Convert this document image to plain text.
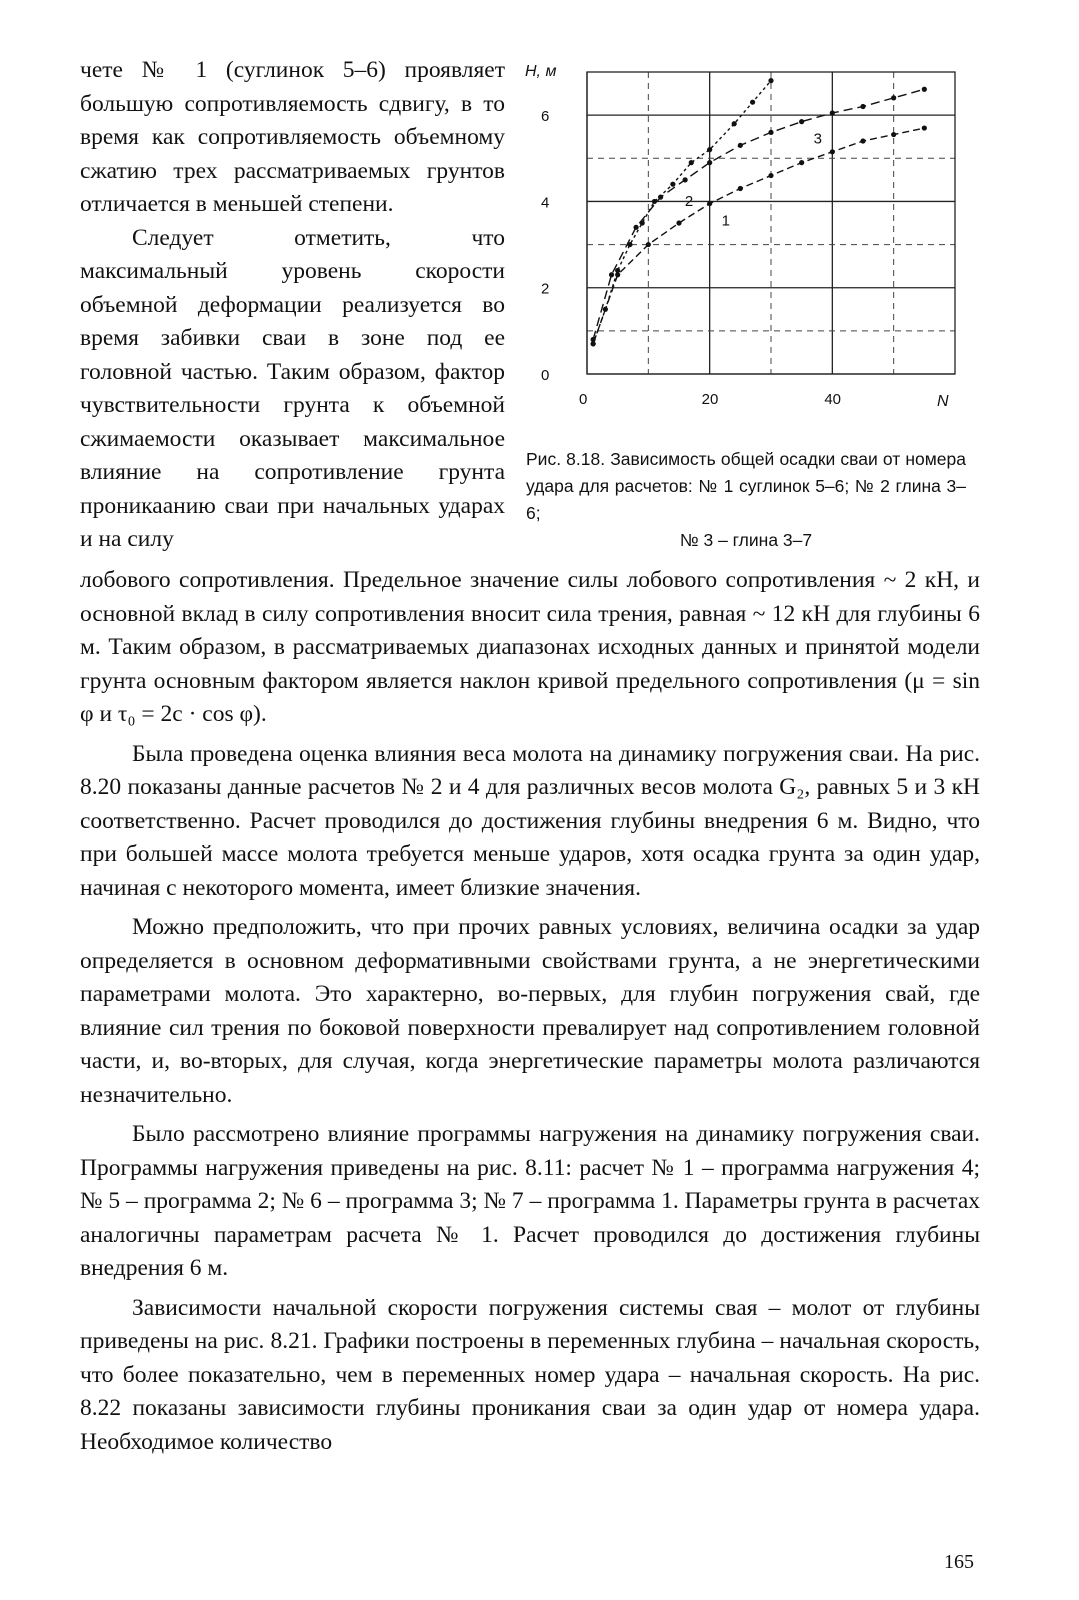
чете № 1 (суглинок 5–6) проявляет большую сопротивляемость сдвигу, в то время как сопротивляемость объемному сжатию трех рассматриваемых грунтов отличается в меньшей степени.

Следует отметить, что максимальный уровень скорости объемной деформации реализуется во время забивки сваи в зоне под ее головной частью. Таким образом, фактор чувствительности грунта к объемной сжимаемости оказывает максимальное влияние на сопротивление грунта проникаанию сваи при начальных ударах и на силу

0
2
4
6
0	20	40
H, м
N
1
2
3
Рис. 8.18. Зависимость общей осадки сваи от номера удара для расчетов: № 1 суглинок 5–6; № 2 глина 3–6;
№ 3 – глина 3–7

лобового сопротивления. Предельное значение силы лобового сопротивления ~ 2 кН, и основной вклад в силу сопротивления вносит сила трения, равная ~ 12 кН для глубины 6 м. Таким образом, в рассматриваемых диапазонах исходных данных и принятой модели грунта основным фактором является наклон кривой предельного сопротивления (μ = sin φ и τ₀ = 2c · cos φ).

Была проведена оценка влияния веса молота на динамику погружения сваи. На рис. 8.20 показаны данные расчетов № 2 и 4 для различных весов молота G₂, равных 5 и 3 кН соответственно. Расчет проводился до достижения глубины внедрения 6 м. Видно, что при большей массе молота требуется меньше ударов, хотя осадка грунта за один удар, начиная с некоторого момента, имеет близкие значения.

Можно предположить, что при прочих равных условиях, величина осадки за удар определяется в основном деформативными свойствами грунта, а не энергетическими параметрами молота. Это характерно, во-первых, для глубин погружения свай, где влияние сил трения по боковой поверхности превалирует над сопротивлением головной части, и, во-вторых, для случая, когда энергетические параметры молота различаются незначительно.

Было рассмотрено влияние программы нагружения на динамику погружения сваи. Программы нагружения приведены на рис. 8.11: расчет № 1 – программа нагружения 4; № 5 – программа 2; № 6 – программа 3; № 7 – программа 1. Параметры грунта в расчетах аналогичны параметрам расчета № 1. Расчет проводился до достижения глубины внедрения 6 м.

Зависимости начальной скорости погружения системы свая – молот от глубины приведены на рис. 8.21. Графики построены в переменных глубина – начальная скорость, что более показательно, чем в переменных номер удара – начальная скорость. На рис. 8.22 показаны зависимости глубины проникания сваи за один удар от номера удара. Необходимое количество

165
